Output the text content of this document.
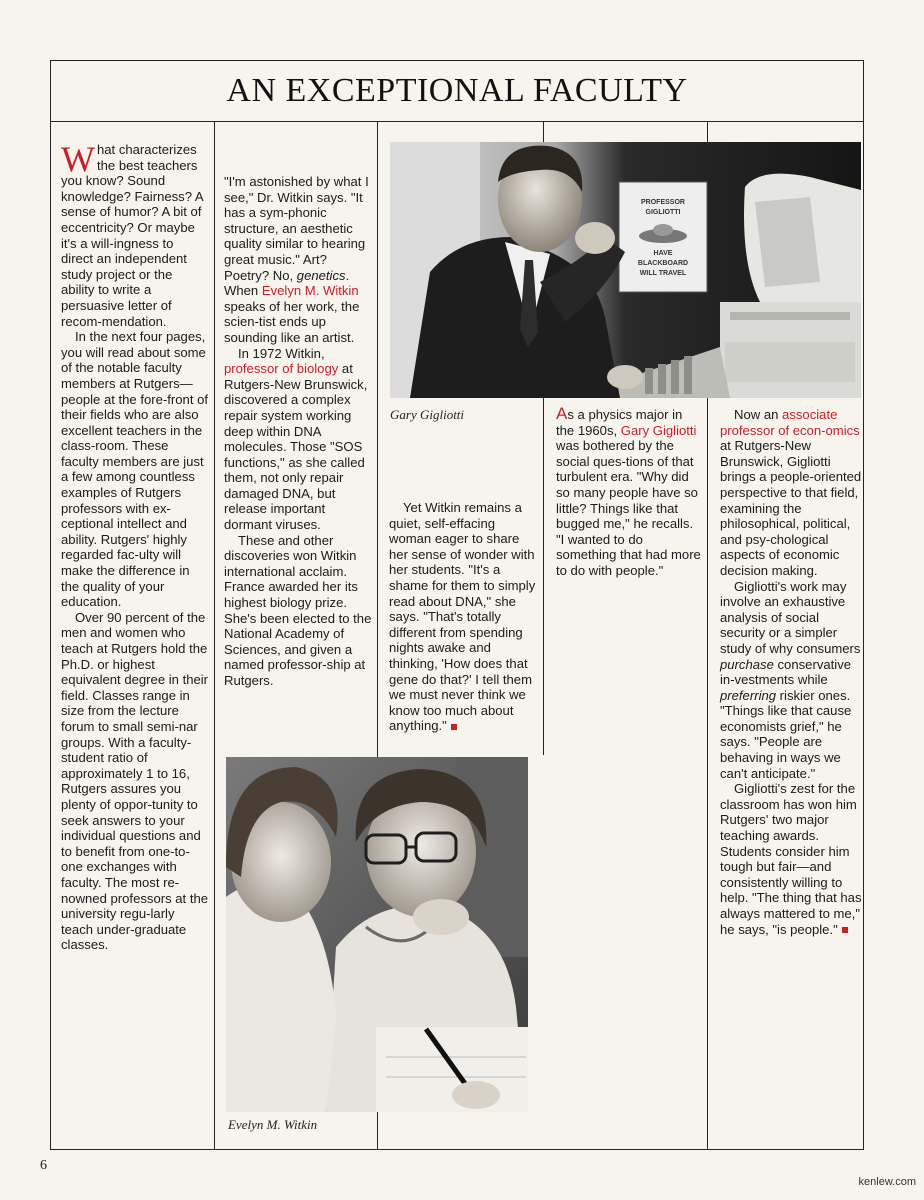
AN EXCEPTIONAL FACULTY

What characterizes the best teachers you know? Sound knowledge? Fairness? A sense of humor? A bit of eccentricity? Or maybe it's a will-ingness to direct an independent study project or the ability to write a persuasive letter of recom-mendation.

In the next four pages, you will read about some of the notable faculty members at Rutgers—people at the fore-front of their fields who are also excellent teachers in the class-room. These faculty members are just a few among countless examples of Rutgers professors with ex-ceptional intellect and ability. Rutgers' highly regarded fac-ulty will make the difference in the quality of your education.

Over 90 percent of the men and women who teach at Rutgers hold the Ph.D. or highest equivalent degree in their field. Classes range in size from the lecture forum to small semi-nar groups. With a faculty-student ratio of approximately 1 to 16, Rutgers assures you plenty of oppor-tunity to seek answers to your individual questions and to benefit from one-to-one exchanges with faculty. The most re-nowned professors at the university regu-larly teach under-graduate classes.

"I'm astonished by what I see," Dr. Witkin says. "It has a sym-phonic structure, an aesthetic quality similar to hearing great music." Art? Poetry? No, genetics. When Evelyn M. Witkin speaks of her work, the scien-tist ends up sounding like an artist.

In 1972 Witkin, professor of biology at Rutgers-New Brunswick, discovered a complex repair system working deep within DNA molecules. Those "SOS functions," as she called them, not only repair damaged DNA, but release important dormant viruses.

These and other discoveries won Witkin international acclaim. France awarded her its highest biology prize. She's been elected to the National Academy of Sciences, and given a named professor-ship at Rutgers.

Yet Witkin remains a quiet, self-effacing woman eager to share her sense of wonder with her students. "It's a shame for them to simply read about DNA," she says. "That's totally different from spending nights awake and thinking, 'How does that gene do that?' I tell them we must never think we know too much about anything."

As a physics major in the 1960s, Gary Gigliotti was bothered by the social ques-tions of that turbulent era. "Why did so many people have so little? Things like that bugged me," he recalls. "I wanted to do something that had more to do with people."

Now an associate professor of econ-omics at Rutgers-New Brunswick, Gigliotti brings a people-oriented perspective to that field, examining the philosophical, political, and psy-chological aspects of economic decision making.

Gigliotti's work may involve an exhaustive analysis of social security or a simpler study of why consumers purchase conservative in-vestments while preferring riskier ones. "Things like that cause economists grief," he says. "People are behaving in ways we can't anticipate."

Gigliotti's zest for the classroom has won him Rutgers' two major teaching awards. Students consider him tough but fair—and consistently willing to help. "The thing that has always mattered to me," he says, "is people."

PROFESSOR
GIGLIOTTI
HAVE
BLACKBOARD
WILL TRAVEL
Gary Gigliotti
Evelyn M. Witkin
6
kenlew.com
